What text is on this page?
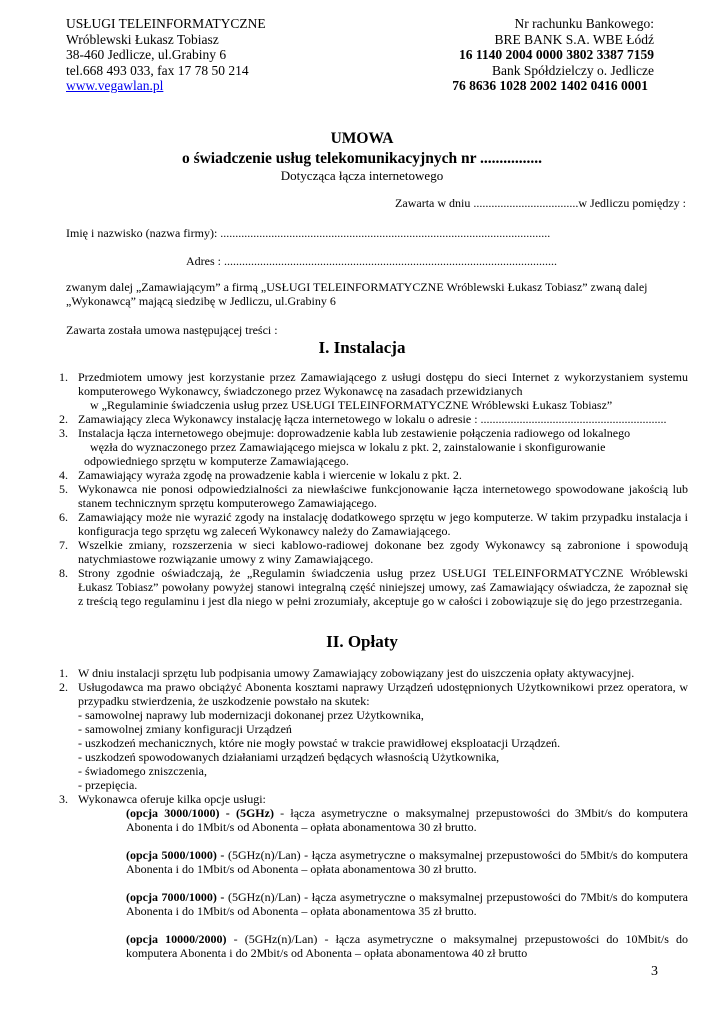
USŁUGI TELEINFORMATYCZNE
Wróblewski Łukasz Tobiasz
38-460 Jedlicze, ul.Grabiny 6
tel.668 493 033, fax 17 78 50 214
www.vegawlan.pl
Nr rachunku Bankowego:
BRE BANK S.A. WBE Łódź
16 1140 2004 0000 3802 3387 7159
Bank Spółdzielczy o. Jedlicze
76 8636 1028 2002 1402 0416 0001
UMOWA
o świadczenie usług telekomunikacyjnych nr ................
Dotycząca łącza internetowego
Zawarta w dniu ...................................w Jedliczu pomiędzy :
Imię i nazwisko (nazwa firmy): ..............................................................................................................
Adres : ...............................................................................................................
zwanym dalej „Zamawiającym” a firmą „USŁUGI TELEINFORMATYCZNE Wróblewski Łukasz Tobiasz” zwaną dalej
„Wykonawcą” mającą siedzibę w Jedliczu, ul.Grabiny 6
Zawarta została umowa następującej treści :
I. Instalacja
1. Przedmiotem umowy jest korzystanie przez Zamawiającego z usługi dostępu do sieci Internet z wykorzystaniem systemu komputerowego Wykonawcy, świadczonego przez Wykonawcę na zasadach przewidzianych
w „Regulaminie świadczenia usług przez USŁUGI TELEINFORMATYCZNE Wróblewski Łukasz Tobiasz”
2. Zamawiający zleca Wykonawcy instalację łącza internetowego w lokalu o adresie : ..............................................................
3. Instalacja łącza internetowego obejmuje: doprowadzenie kabla lub zestawienie połączenia radiowego od lokalnego
węzła do wyznaczonego przez Zamawiającego miejsca w lokalu z pkt. 2, zainstalowanie i skonfigurowanie
odpowiedniego sprzętu w komputerze Zamawiającego.
4. Zamawiający wyraża zgodę na prowadzenie kabla i wiercenie w lokalu z pkt. 2.
5. Wykonawca nie ponosi odpowiedzialności za niewłaściwe funkcjonowanie łącza internetowego spowodowane jakością lub stanem technicznym sprzętu komputerowego Zamawiającego.
6. Zamawiający może nie wyrazić zgody na instalację dodatkowego sprzętu w jego komputerze. W takim przypadku instalacja i konfiguracja tego sprzętu wg zaleceń Wykonawcy należy do Zamawiającego.
7. Wszelkie zmiany, rozszerzenia w sieci kablowo-radiowej dokonane bez zgody Wykonawcy są zabronione i spowodują natychmiastowe rozwiązanie umowy z winy Zamawiającego.
8. Strony zgodnie oświadczają, że „Regulamin świadczenia usług przez USŁUGI TELEINFORMATYCZNE Wróblewski Łukasz Tobiasz” powołany powyżej stanowi integralną część niniejszej umowy, zaś Zamawiający oświadcza, że zapoznał się z treścią tego regulaminu i jest dla niego w pełni zrozumiały, akceptuje go w całości i zobowiązuje się do jego przestrzegania.
II. Opłaty
1. W dniu instalacji sprzętu lub podpisania umowy Zamawiający zobowiązany jest do uiszczenia opłaty aktywacyjnej.
2. Usługodawca ma prawo obciążyć Abonenta kosztami naprawy Urządzeń udostępnionych Użytkownikowi przez operatora, w przypadku stwierdzenia, że uszkodzenie powstało na skutek:
- samowolnej naprawy lub modernizacji dokonanej przez Użytkownika,
- samowolnej zmiany konfiguracji Urządzeń
- uszkodzeń mechanicznych, które nie mogły powstać w trakcie prawidłowej eksploatacji Urządzeń.
- uszkodzeń spowodowanych działaniami urządzeń będących własnością Użytkownika,
- świadomego zniszczenia,
- przepięcia.
3. Wykonawca oferuje kilka opcje usługi:
(opcja 3000/1000) - (5GHz) - łącza asymetryczne o maksymalnej przepustowości do 3Mbit/s do komputera Abonenta i do 1Mbit/s od Abonenta – opłata abonamentowa 30 zł brutto.
(opcja 5000/1000) - (5GHz(n)/Lan) - łącza asymetryczne o maksymalnej przepustowości do 5Mbit/s do komputera Abonenta i do 1Mbit/s od Abonenta – opłata abonamentowa 30 zł brutto.
(opcja 7000/1000) - (5GHz(n)/Lan) - łącza asymetryczne o maksymalnej przepustowości do 7Mbit/s do komputera Abonenta i do 1Mbit/s od Abonenta – opłata abonamentowa 35 zł brutto.
(opcja 10000/2000) - (5GHz(n)/Lan) - łącza asymetryczne o maksymalnej przepustowości do 10Mbit/s do komputera Abonenta i do 2Mbit/s od Abonenta – opłata abonamentowa 40 zł brutto
3
